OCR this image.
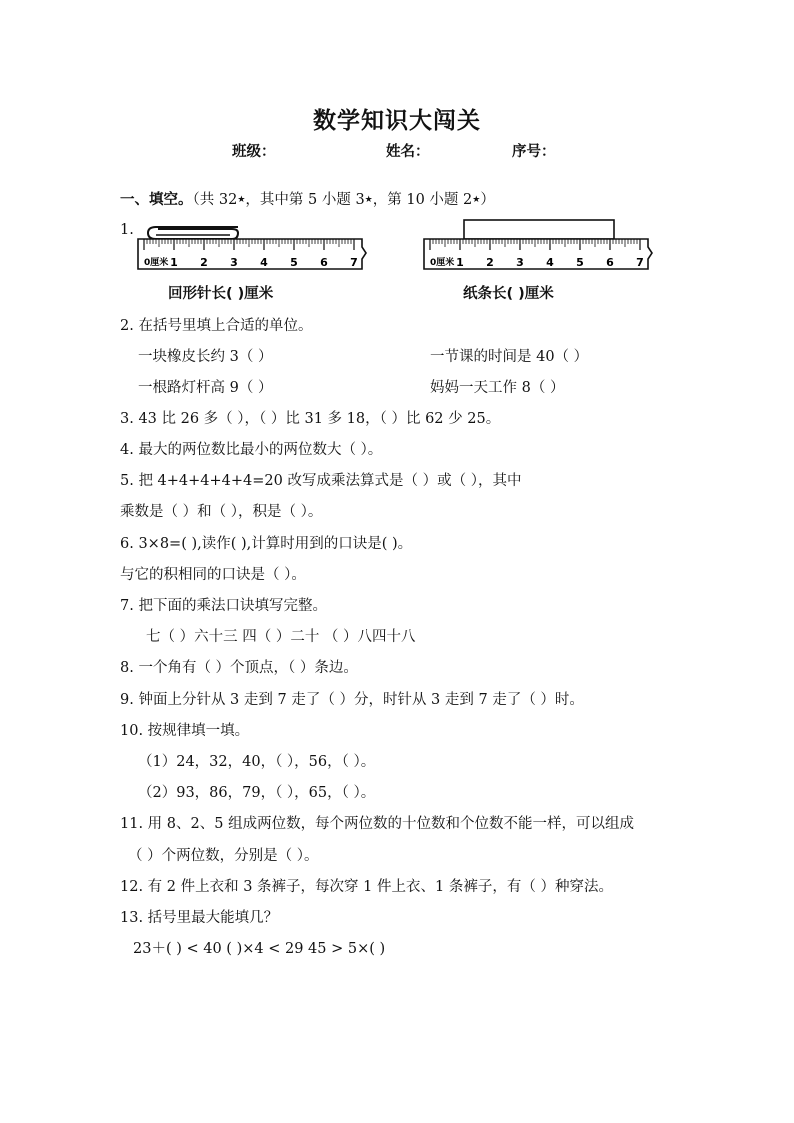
数学知识大闯关
班级：	姓名：	序号：
一、填空。（共 32★，其中第 5 小题 3★，第 10 小题 2★）
1.
0厘米 1 2 3 4 5 6 7	0厘米 1 2 3 4 5 6 7
回形针长( )厘米	纸条长( )厘米
2. 在括号里填上合适的单位。
一块橡皮长约 3（ ）	一节课的时间是 40（ ）
一根路灯杆高 9（ ）	妈妈一天工作 8（ ）
3. 43 比 26 多（ ），（ ）比 31 多 18，（ ）比 62 少 25。
4. 最大的两位数比最小的两位数大（ ）。
5. 把 4+4+4+4+4=20 改写成乘法算式是（ ）或（ ），其中
乘数是（ ）和（ ），积是（ ）。
6. 3×8=( ),读作( ),计算时用到的口诀是( )。
与它的积相同的口诀是（ ）。
7. 把下面的乘法口诀填写完整。
七（ ）六十三 四（ ）二十 （ ）八四十八
8. 一个角有（ ）个顶点，（ ）条边。
9. 钟面上分针从 3 走到 7 走了（ ）分，时针从 3 走到 7 走了（ ）时。
10. 按规律填一填。
（1）24，32，40，（ ），56，（ ）。
（2）93，86，79，（ ），65，（ ）。
11. 用 8、2、5 组成两位数，每个两位数的十位数和个位数不能一样，可以组成
（ ）个两位数，分别是（ ）。
12. 有 2 件上衣和 3 条裤子，每次穿 1 件上衣、1 条裤子，有（ ）种穿法。
13. 括号里最大能填几？
23＋( ) < 40 ( )×4 < 29 45 > 5×( )
